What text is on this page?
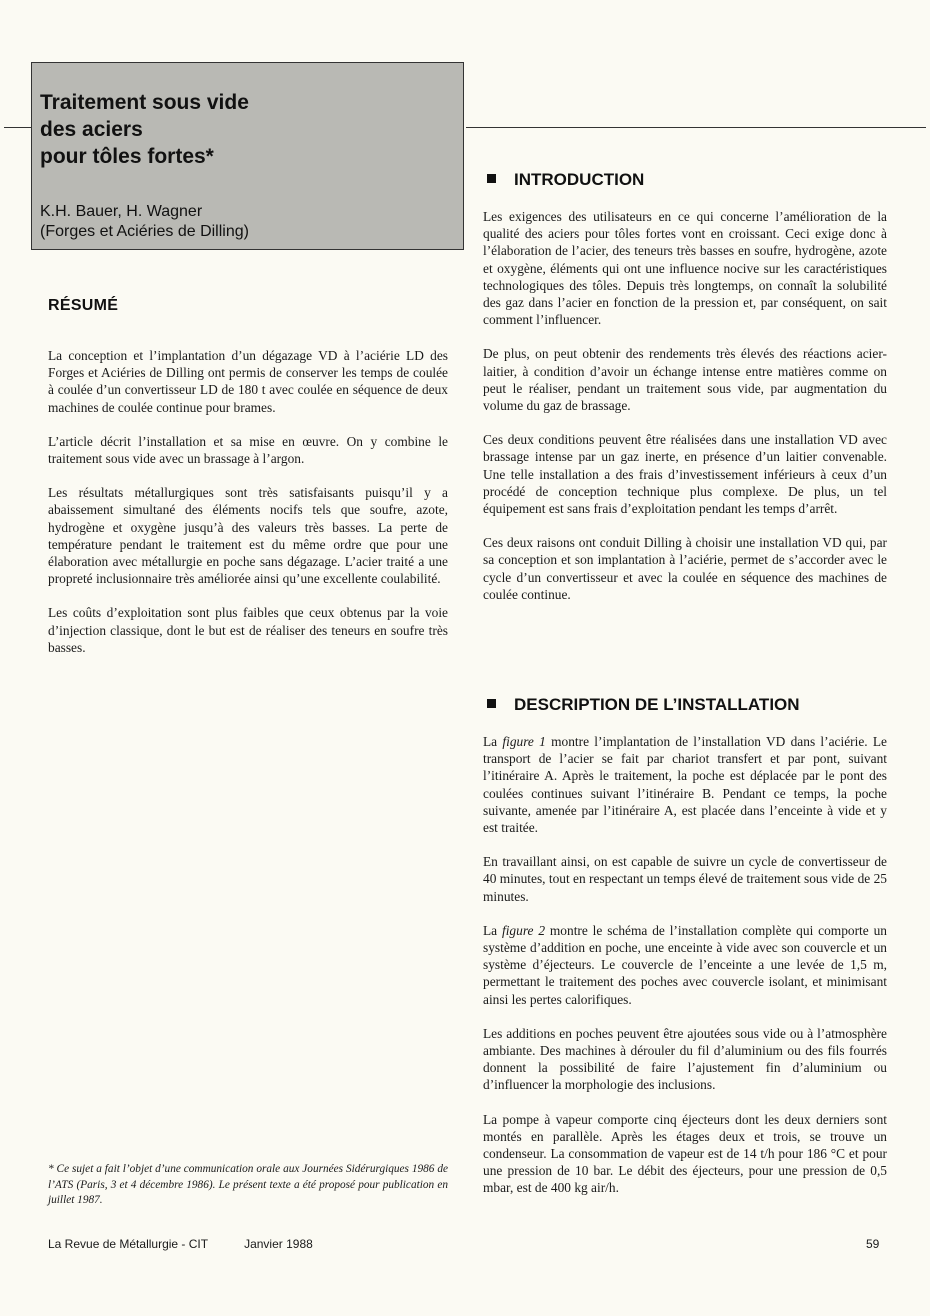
Traitement sous vide
des aciers
pour tôles fortes*
K.H. Bauer, H. Wagner
(Forges et Aciéries de Dilling)
RÉSUMÉ

La conception et l’implantation d’un dégazage VD à l’aciérie LD des Forges et Aciéries de Dilling ont permis de conserver les temps de coulée à coulée d’un convertisseur LD de 180 t avec coulée en séquence de deux machines de coulée continue pour brames.

L’article décrit l’installation et sa mise en œuvre. On y combine le traitement sous vide avec un brassage à l’argon.

Les résultats métallurgiques sont très satisfaisants puisqu’il y a abaissement simultané des éléments nocifs tels que soufre, azote, hydrogène et oxygène jusqu’à des valeurs très basses. La perte de température pendant le traitement est du même ordre que pour une élaboration avec métallurgie en poche sans dégazage. L’acier traité a une propreté inclusionnaire très améliorée ainsi qu’une excellente coulabilité.

Les coûts d’exploitation sont plus faibles que ceux obtenus par la voie d’injection classique, dont le but est de réaliser des teneurs en soufre très basses.

* Ce sujet a fait l’objet d’une communication orale aux Journées Sidérurgiques 1986 de l’ATS (Paris, 3 et 4 décembre 1986). Le présent texte a été proposé pour publication en juillet 1987.
INTRODUCTION

Les exigences des utilisateurs en ce qui concerne l’amélioration de la qualité des aciers pour tôles fortes vont en croissant. Ceci exige donc à l’élaboration de l’acier, des teneurs très basses en soufre, hydrogène, azote et oxygène, éléments qui ont une influence nocive sur les caractéristiques technologiques des tôles. Depuis très longtemps, on connaît la solubilité des gaz dans l’acier en fonction de la pression et, par conséquent, on sait comment l’influencer.

De plus, on peut obtenir des rendements très élevés des réactions acier-laitier, à condition d’avoir un échange intense entre matières comme on peut le réaliser, pendant un traitement sous vide, par augmentation du volume du gaz de brassage.

Ces deux conditions peuvent être réalisées dans une installation VD avec brassage intense par un gaz inerte, en présence d’un laitier convenable. Une telle installation a des frais d’investissement inférieurs à ceux d’un procédé de conception technique plus complexe. De plus, un tel équipement est sans frais d’exploitation pendant les temps d’arrêt.

Ces deux raisons ont conduit Dilling à choisir une installation VD qui, par sa conception et son implantation à l’aciérie, permet de s’accorder avec le cycle d’un convertisseur et avec la coulée en séquence des machines de coulée continue.

DESCRIPTION DE L’INSTALLATION

La figure 1 montre l’implantation de l’installation VD dans l’aciérie. Le transport de l’acier se fait par chariot transfert et par pont, suivant l’itinéraire A. Après le traitement, la poche est déplacée par le pont des coulées continues suivant l’itinéraire B. Pendant ce temps, la poche suivante, amenée par l’itinéraire A, est placée dans l’enceinte à vide et y est traitée.

En travaillant ainsi, on est capable de suivre un cycle de convertisseur de 40 minutes, tout en respectant un temps élevé de traitement sous vide de 25 minutes.

La figure 2 montre le schéma de l’installation complète qui comporte un système d’addition en poche, une enceinte à vide avec son couvercle et un système d’éjecteurs. Le couvercle de l’enceinte a une levée de 1,5 m, permettant le traitement des poches avec couvercle isolant, et minimisant ainsi les pertes calorifiques.

Les additions en poches peuvent être ajoutées sous vide ou à l’atmosphère ambiante. Des machines à dérouler du fil d’aluminium ou des fils fourrés donnent la possibilité de faire l’ajustement fin d’aluminium ou d’influencer la morphologie des inclusions.

La pompe à vapeur comporte cinq éjecteurs dont les deux derniers sont montés en parallèle. Après les étages deux et trois, se trouve un condenseur. La consommation de vapeur est de 14 t/h pour 186 °C et pour une pression de 10 bar. Le débit des éjecteurs, pour une pression de 0,5 mbar, est de 400 kg air/h.

La Revue de Métallurgie - CIT	Janvier 1988	59
